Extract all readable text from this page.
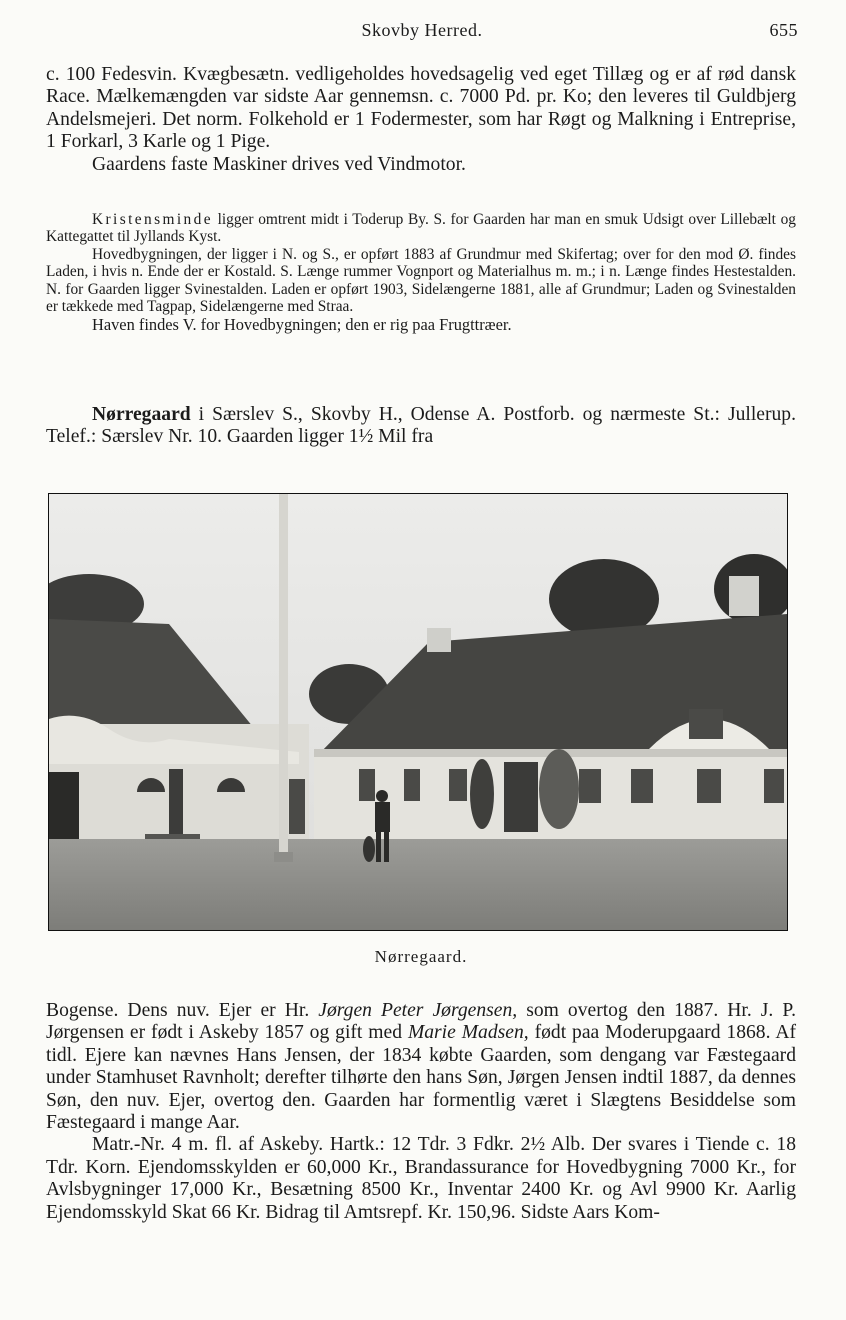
Skovby Herred.	655

c. 100 Fedesvin. Kvægbesætn. vedligeholdes hovedsagelig ved eget Tillæg og er af rød dansk Race. Mælkemængden var sidste Aar gennemsn. c. 7000 Pd. pr. Ko; den leveres til Guldbjerg Andelsmejeri. Det norm. Folkehold er 1 Fodermester, som har Røgt og Malkning i Entreprise, 1 Forkarl, 3 Karle og 1 Pige.

Gaardens faste Maskiner drives ved Vindmotor.

Kristensminde ligger omtrent midt i Toderup By. S. for Gaarden har man en smuk Udsigt over Lillebælt og Kattegattet til Jyllands Kyst.

Hovedbygningen, der ligger i N. og S., er opført 1883 af Grundmur med Skifertag; over for den mod Ø. findes Laden, i hvis n. Ende der er Kostald. S. Længe rummer Vognport og Materialhus m. m.; i n. Længe findes Hestestalden. N. for Gaarden ligger Svinestalden. Laden er opført 1903, Sidelængerne 1881, alle af Grundmur; Laden og Svinestalden er tækkede med Tagpap, Sidelængerne med Straa.

Haven findes V. for Hovedbygningen; den er rig paa Frugttræer.

Nørregaard i Særslev S., Skovby H., Odense A. Postforb. og nærmeste St.: Jullerup. Telef.: Særslev Nr. 10. Gaarden ligger 1½ Mil fra

Nørregaard.

Bogense. Dens nuv. Ejer er Hr. Jørgen Peter Jørgensen, som overtog den 1887. Hr. J. P. Jørgensen er født i Askeby 1857 og gift med Marie Madsen, født paa Moderupgaard 1868. Af tidl. Ejere kan nævnes Hans Jensen, der 1834 købte Gaarden, som dengang var Fæstegaard under Stamhuset Ravnholt; derefter tilhørte den hans Søn, Jørgen Jensen indtil 1887, da dennes Søn, den nuv. Ejer, overtog den. Gaarden har formentlig været i Slægtens Besiddelse som Fæstegaard i mange Aar.

Matr.-Nr. 4 m. fl. af Askeby. Hartk.: 12 Tdr. 3 Fdkr. 2½ Alb. Der svares i Tiende c. 18 Tdr. Korn. Ejendomsskylden er 60,000 Kr., Brandassurance for Hovedbygning 7000 Kr., for Avlsbygninger 17,000 Kr., Besætning 8500 Kr., Inventar 2400 Kr. og Avl 9900 Kr. Aarlig Ejendomsskyld Skat 66 Kr. Bidrag til Amtsrepf. Kr. 150,96. Sidste Aars Kom-
